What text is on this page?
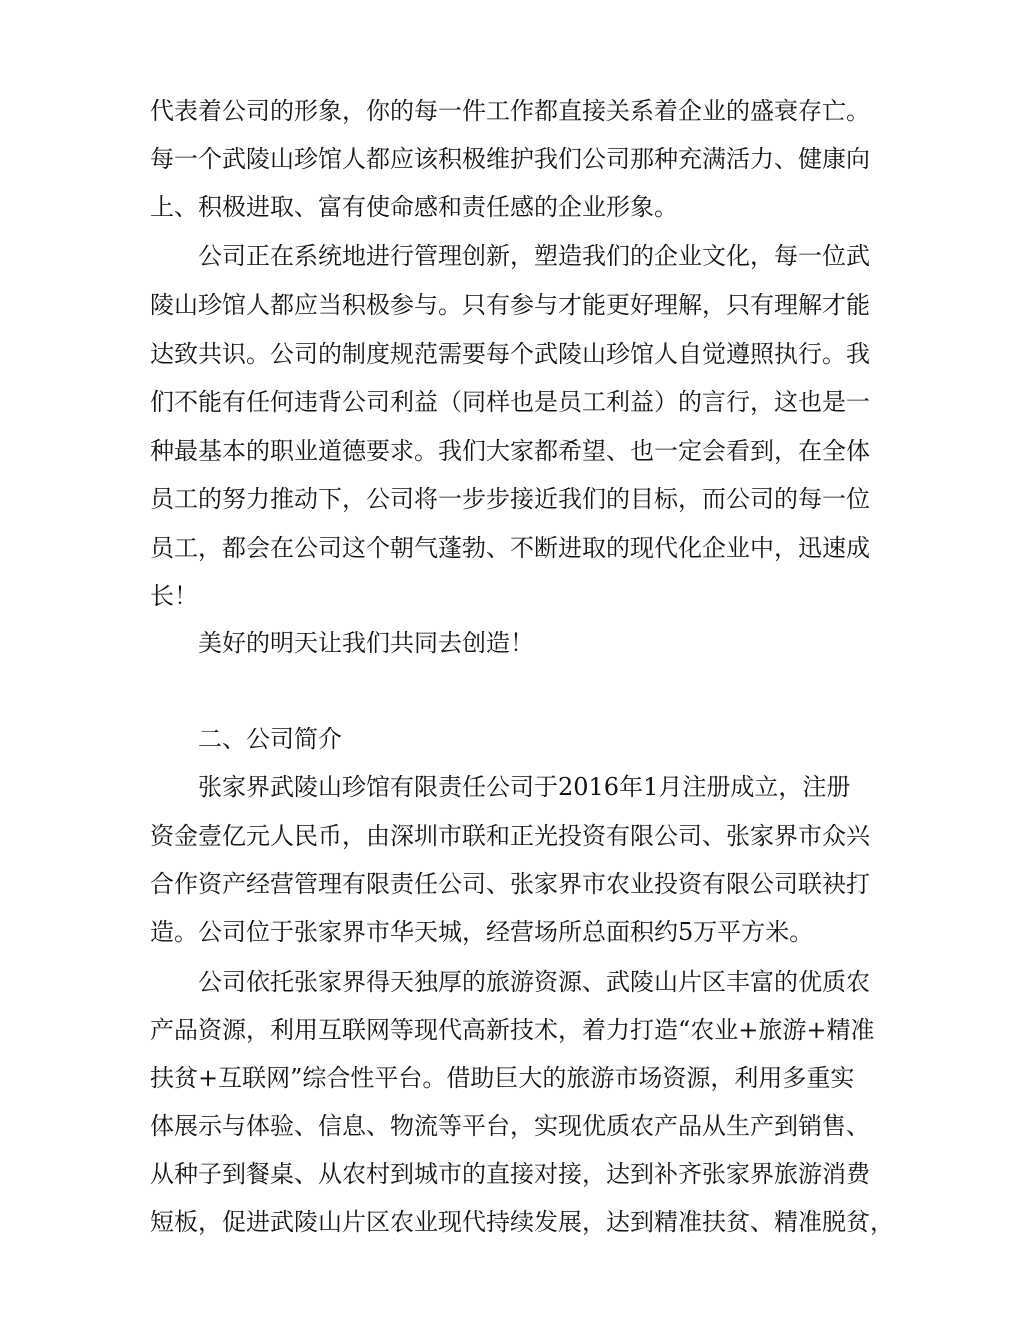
代表着公司的形象，你的每一件工作都直接关系着企业的盛衰存亡。

每一个武陵山珍馆人都应该积极维护我们公司那种充满活力、健康向

上、积极进取、富有使命感和责任感的企业形象。

公司正在系统地进行管理创新，塑造我们的企业文化，每一位武

陵山珍馆人都应当积极参与。只有参与才能更好理解，只有理解才能

达致共识。公司的制度规范需要每个武陵山珍馆人自觉遵照执行。我

们不能有任何违背公司利益（同样也是员工利益）的言行，这也是一

种最基本的职业道德要求。我们大家都希望、也一定会看到，在全体

员工的努力推动下，公司将一步步接近我们的目标，而公司的每一位

员工，都会在公司这个朝气蓬勃、不断进取的现代化企业中，迅速成

长！

美好的明天让我们共同去创造！

二、公司简介

张家界武陵山珍馆有限责任公司于2016年1月注册成立，注册

资金壹亿元人民币，由深圳市联和正光投资有限公司、张家界市众兴

合作资产经营管理有限责任公司、张家界市农业投资有限公司联袂打

造。公司位于张家界市华天城，经营场所总面积约5万平方米。

公司依托张家界得天独厚的旅游资源、武陵山片区丰富的优质农

产品资源，利用互联网等现代高新技术，着力打造“农业+旅游+精准

扶贫+互联网”综合性平台。借助巨大的旅游市场资源，利用多重实

体展示与体验、信息、物流等平台，实现优质农产品从生产到销售、

从种子到餐桌、从农村到城市的直接对接，达到补齐张家界旅游消费

短板，促进武陵山片区农业现代持续发展，达到精准扶贫、精准脱贫，
